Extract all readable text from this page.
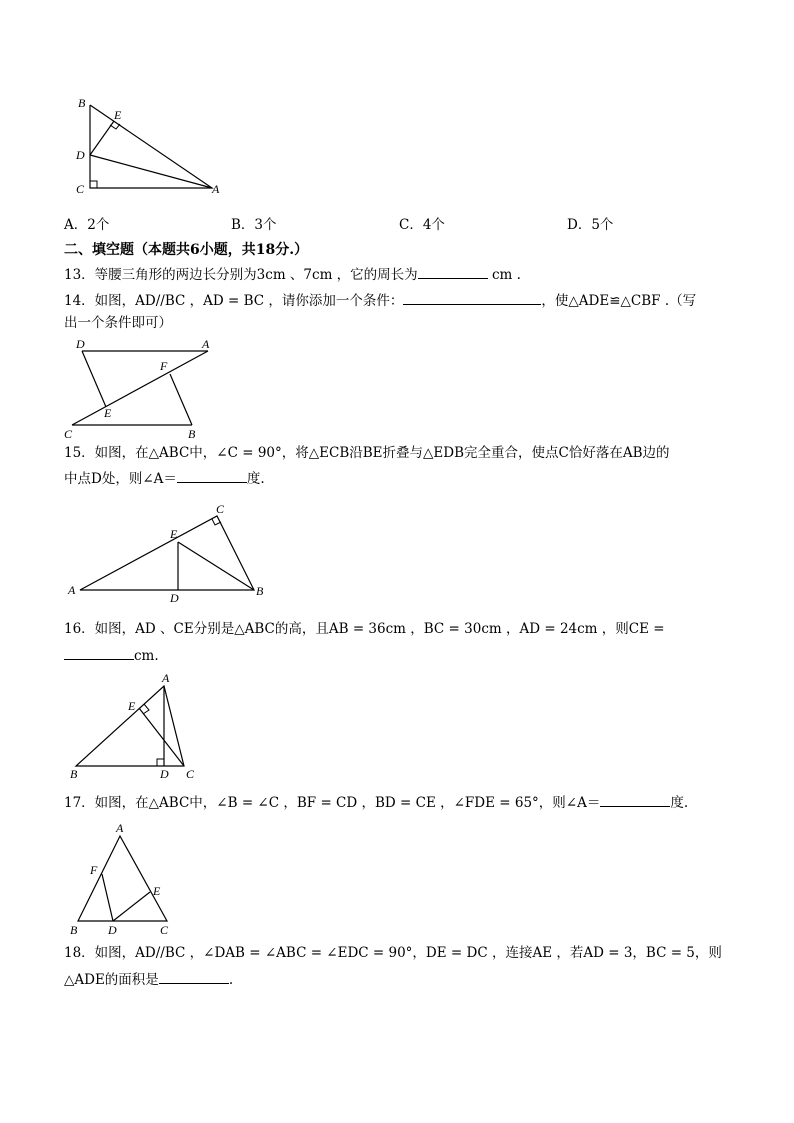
B
E
D
C	A
A．2个	B．3个	C．4个	D．5个
二、填空题（本题共6小题，共18分.）
13．等腰三角形的两边长分别为3cm 、7cm ，它的周长为	cm .
14．如图，AD//BC ，AD = BC ，请你添加一个条件：	，使△ADE≌△CBF .（写
出一个条件即可）
D	A
F
E
C	B
15．如图，在△ABC中，∠C = 90°，将△ECB沿BE折叠与△EDB完全重合，使点C恰好落在AB边的
中点D处，则∠A＝	度.
C
E
A
D	B
16．如图，AD 、CE分别是△ABC的高，且AB = 36cm ，BC = 30cm ，AD = 24cm ，则CE =
cm.
A
E
B	D C
17．如图，在△ABC中，∠B = ∠C ，BF = CD ，BD = CE ，∠FDE = 65°，则∠A＝	度.
A
F
E
B	D	C
18．如图，AD//BC ，∠DAB = ∠ABC = ∠EDC = 90°，DE = DC ，连接AE ，若AD = 3，BC = 5，则
△ADE的面积是	.
